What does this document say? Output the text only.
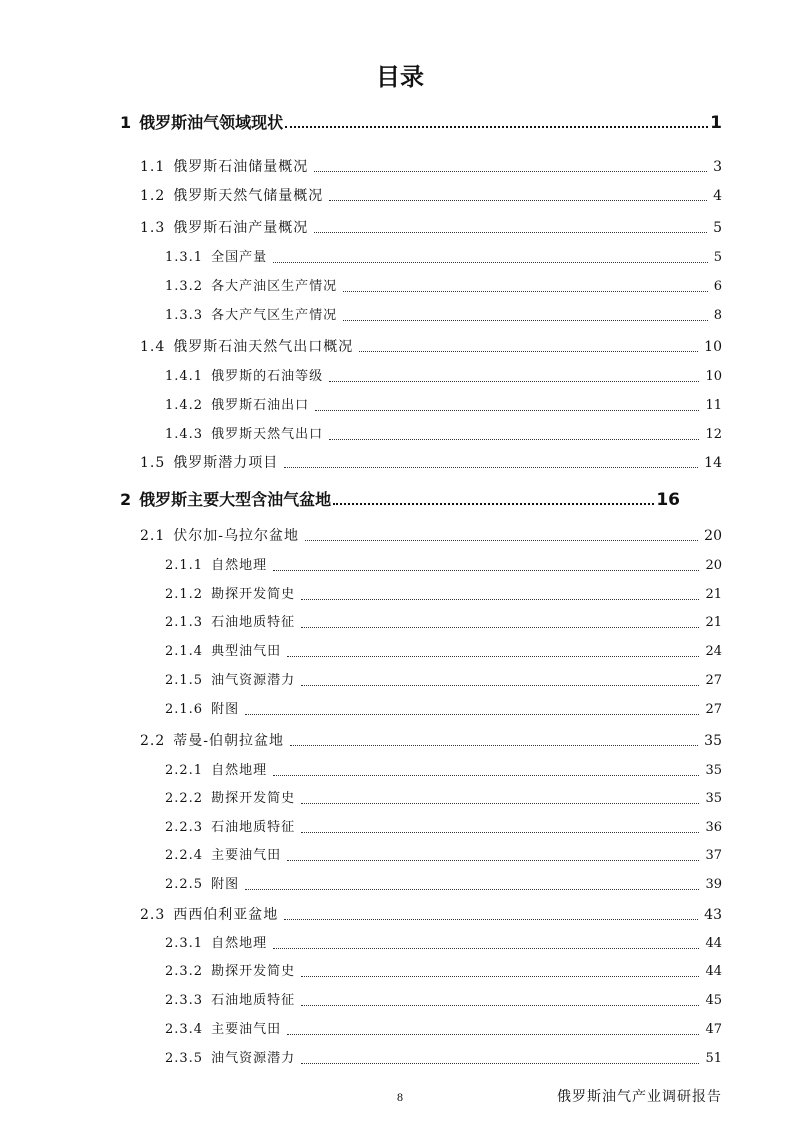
目录
1 俄罗斯油气领域现状	1
1.1 俄罗斯石油储量概况	3
1.2 俄罗斯天然气储量概况	4
1.3 俄罗斯石油产量概况	5
1.3.1 全国产量	5
1.3.2 各大产油区生产情况	6
1.3.3 各大产气区生产情况	8
1.4 俄罗斯石油天然气出口概况	10
1.4.1 俄罗斯的石油等级	10
1.4.2 俄罗斯石油出口	11
1.4.3 俄罗斯天然气出口	12
1.5 俄罗斯潜力项目	14
2 俄罗斯主要大型含油气盆地	16
2.1 伏尔加-乌拉尔盆地	20
2.1.1 自然地理	20
2.1.2 勘探开发简史	21
2.1.3 石油地质特征	21
2.1.4 典型油气田	24
2.1.5 油气资源潜力	27
2.1.6 附图	27
2.2 蒂曼-伯朝拉盆地	35
2.2.1 自然地理	35
2.2.2 勘探开发简史	35
2.2.3 石油地质特征	36
2.2.4 主要油气田	37
2.2.5 附图	39
2.3 西西伯利亚盆地	43
2.3.1 自然地理	44
2.3.2 勘探开发简史	44
2.3.3 石油地质特征	45
2.3.4 主要油气田	47
2.3.5 油气资源潜力	51
8	俄罗斯油气产业调研报告
